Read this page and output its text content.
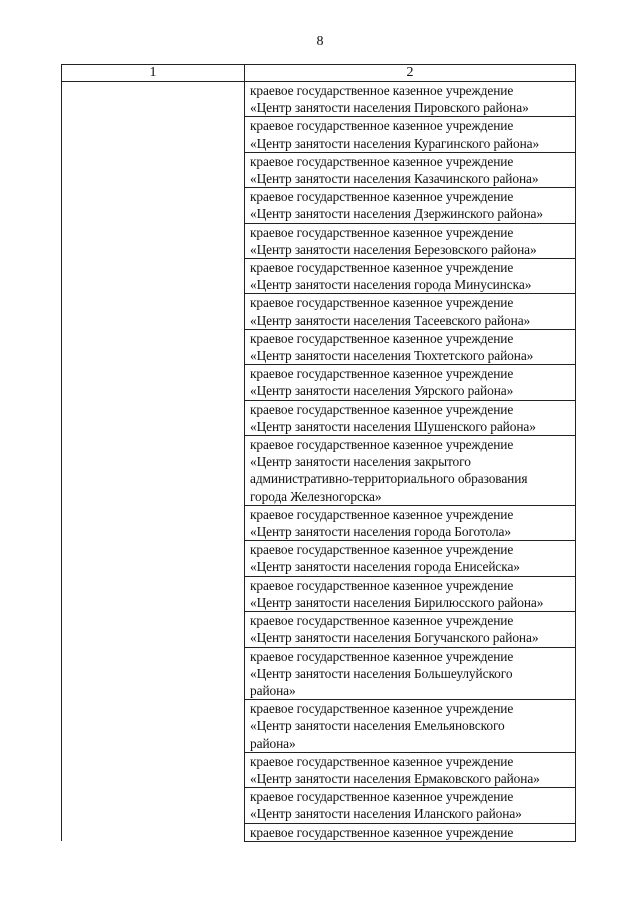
8
1	2
	краевое государственное казенное учреждение
«Центр занятости населения Пировского района»
	краевое государственное казенное учреждение
«Центр занятости населения Курагинского района»
	краевое государственное казенное учреждение
«Центр занятости населения Казачинского района»
	краевое государственное казенное учреждение
«Центр занятости населения Дзержинского района»
	краевое государственное казенное учреждение
«Центр занятости населения Березовского района»
	краевое государственное казенное учреждение
«Центр занятости населения города Минусинска»
	краевое государственное казенное учреждение
«Центр занятости населения Тасеевского района»
	краевое государственное казенное учреждение
«Центр занятости населения Тюхтетского района»
	краевое государственное казенное учреждение
«Центр занятости населения Уярского района»
	краевое государственное казенное учреждение
«Центр занятости населения Шушенского района»
	краевое государственное казенное учреждение
«Центр занятости населения закрытого
административно-территориального образования
города Железногорска»
	краевое государственное казенное учреждение
«Центр занятости населения города Боготола»
	краевое государственное казенное учреждение
«Центр занятости населения города Енисейска»
	краевое государственное казенное учреждение
«Центр занятости населения Бирилюсского района»
	краевое государственное казенное учреждение
«Центр занятости населения Богучанского района»
	краевое государственное казенное учреждение
«Центр занятости населения Большеулуйского
района»
	краевое государственное казенное учреждение
«Центр занятости населения Емельяновского
района»
	краевое государственное казенное учреждение
«Центр занятости населения Ермаковского района»
	краевое государственное казенное учреждение
«Центр занятости населения Иланского района»
	краевое государственное казенное учреждение
